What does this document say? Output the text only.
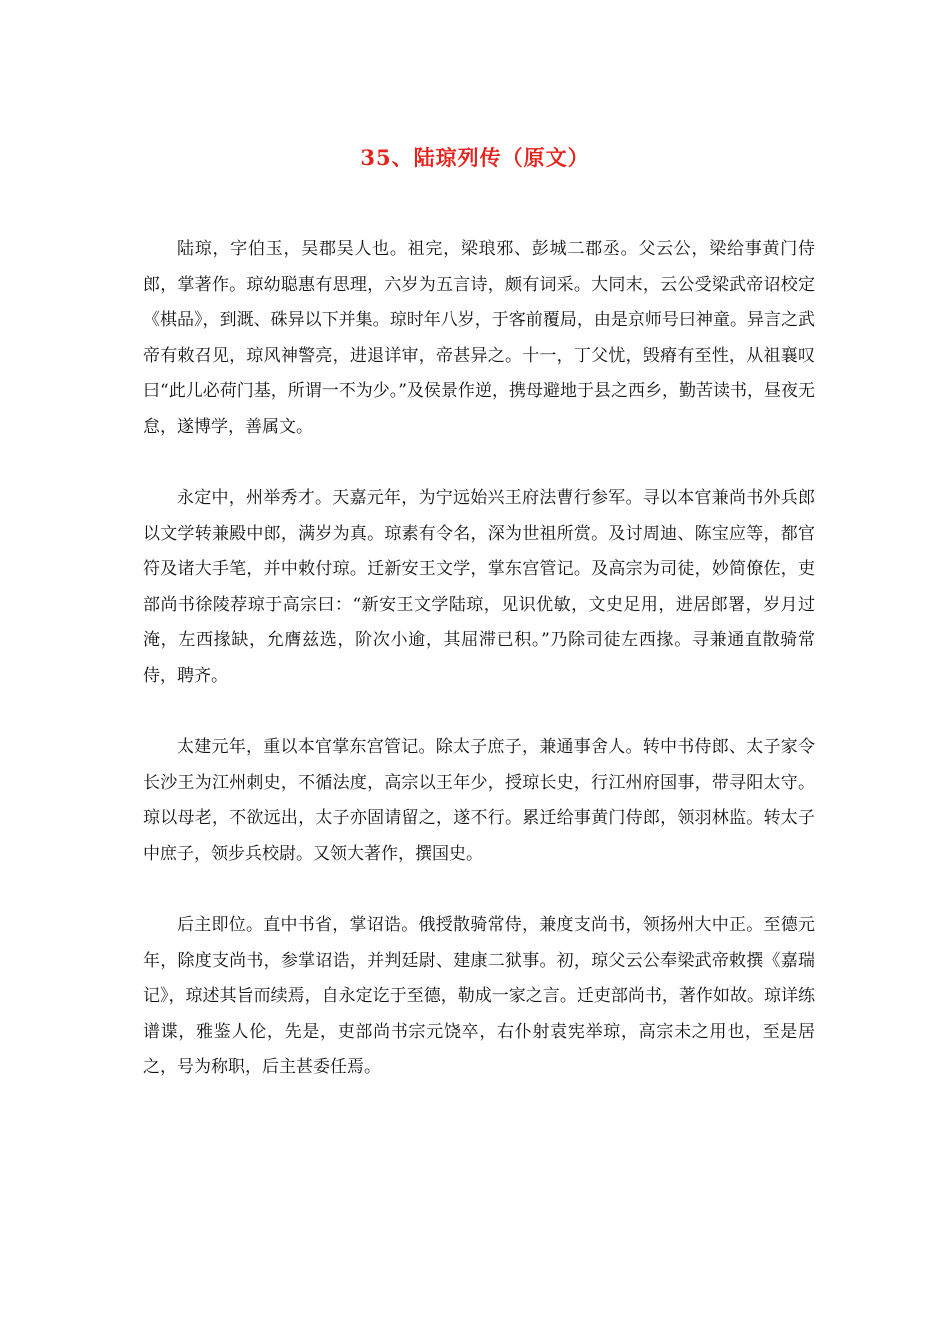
35、陆琼列传（原文）

陆琼，字伯玉，吴郡吴人也。祖完，梁琅邪、彭城二郡丞。父云公，梁给事黄门侍郎，掌著作。琼幼聪惠有思理，六岁为五言诗，颇有词采。大同末，云公受梁武帝诏校定《棋品》，到溉、硃异以下并集。琼时年八岁，于客前覆局，由是京师号曰神童。异言之武帝有敕召见，琼风神警亮，进退详审，帝甚异之。十一，丁父忧，毁瘠有至性，从祖襄叹曰“此儿必荷门基，所谓一不为少。”及侯景作逆，携母避地于县之西乡，勤苦读书，昼夜无怠，遂博学，善属文。

永定中，州举秀才。天嘉元年，为宁远始兴王府法曹行参军。寻以本官兼尚书外兵郎以文学转兼殿中郎，满岁为真。琼素有令名，深为世祖所赏。及讨周迪、陈宝应等，都官符及诸大手笔，并中敕付琼。迁新安王文学，掌东宫管记。及高宗为司徒，妙简僚佐，吏部尚书徐陵荐琼于高宗曰：“新安王文学陆琼，见识优敏，文史足用，进居郎署，岁月过淹，左西掾缺，允膺兹选，阶次小逾，其屈滞已积。”乃除司徒左西掾。寻兼通直散骑常侍，聘齐。

太建元年，重以本官掌东宫管记。除太子庶子，兼通事舍人。转中书侍郎、太子家令长沙王为江州刺史，不循法度，高宗以王年少，授琼长史，行江州府国事，带寻阳太守。琼以母老，不欲远出，太子亦固请留之，遂不行。累迁给事黄门侍郎，领羽林监。转太子中庶子，领步兵校尉。又领大著作，撰国史。

后主即位。直中书省，掌诏诰。俄授散骑常侍，兼度支尚书，领扬州大中正。至德元年，除度支尚书，参掌诏诰，并判廷尉、建康二狱事。初，琼父云公奉梁武帝敕撰《嘉瑞记》，琼述其旨而续焉，自永定讫于至德，勒成一家之言。迁吏部尚书，著作如故。琼详练谱谍，雅鉴人伦，先是，吏部尚书宗元饶卒，右仆射袁宪举琼，高宗未之用也，至是居之，号为称职，后主甚委任焉。
